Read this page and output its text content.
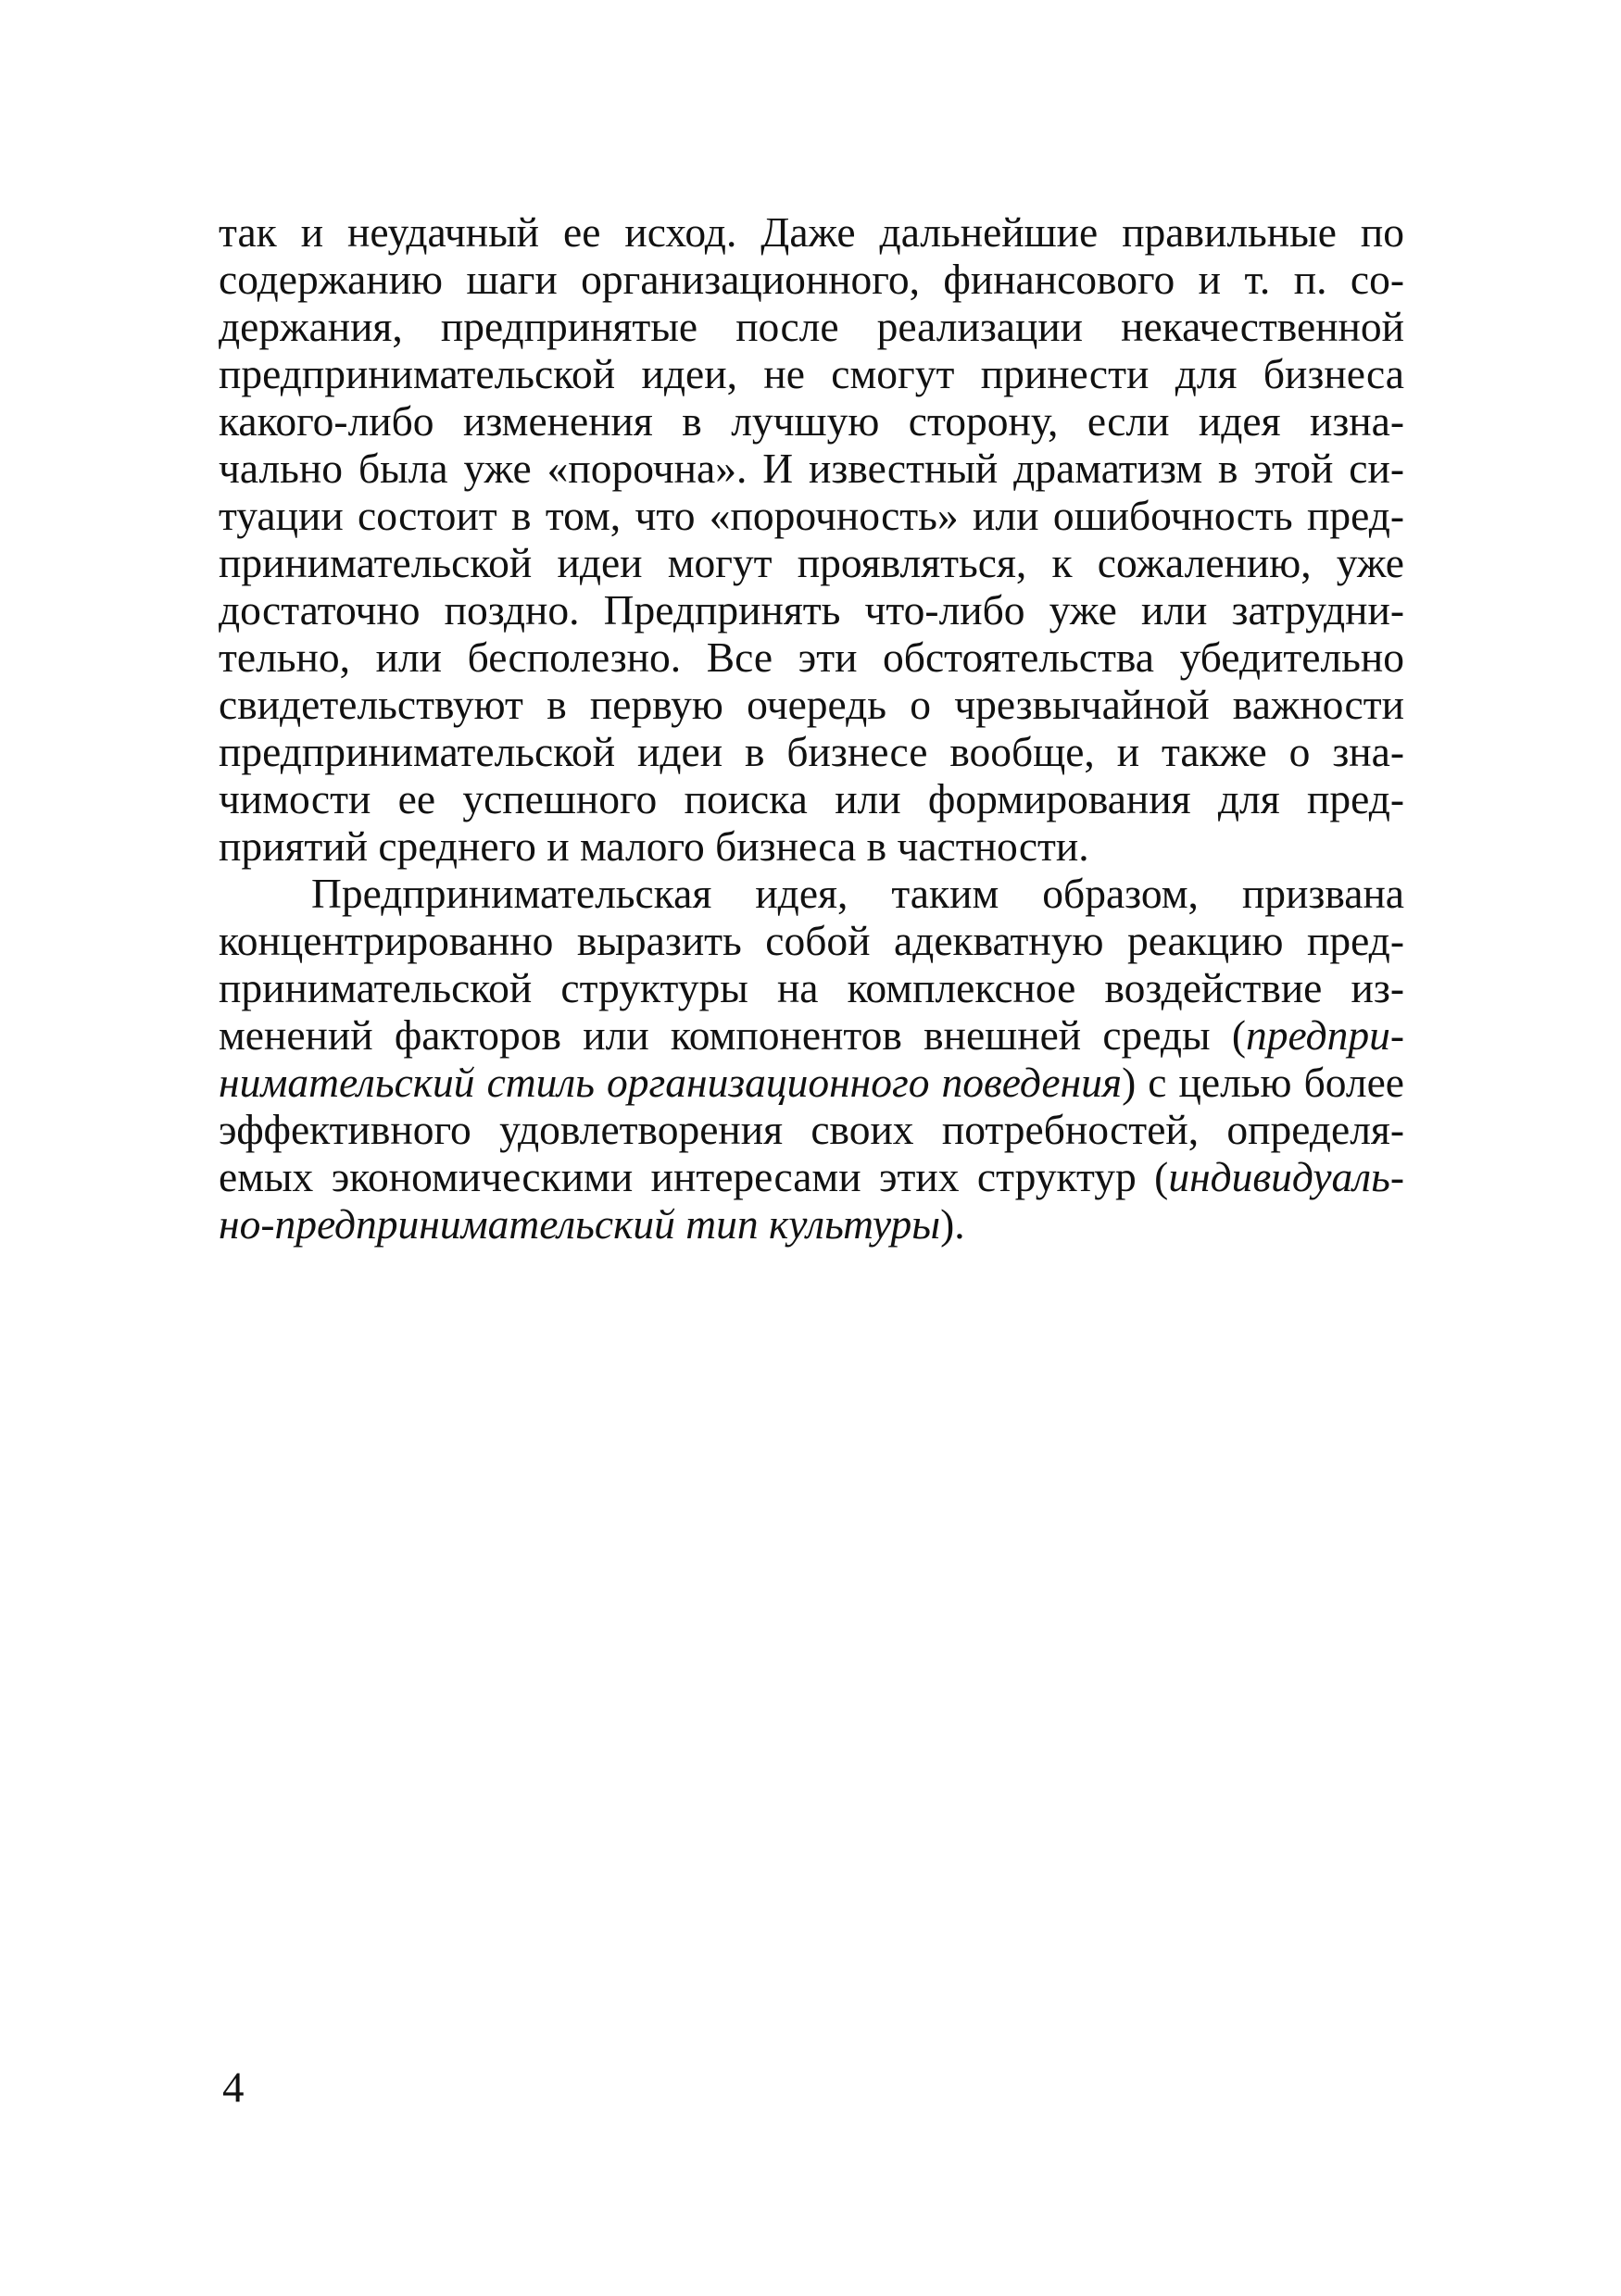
так и неудачный ее исход. Даже дальнейшие правильные по
содержанию шаги организационного, финансового и т. п. со-
держания, предпринятые после реализации некачественной
предпринимательской идеи, не смогут принести для бизнеса
какого-либо изменения в лучшую сторону, если идея изна-
чально была уже «порочна». И известный драматизм в этой си-
туации состоит в том, что «порочность» или ошибочность пред-
принимательской идеи могут проявляться, к сожалению, уже
достаточно поздно. Предпринять что-либо уже или затрудни-
тельно, или бесполезно. Все эти обстоятельства убедительно
свидетельствуют в первую очередь о чрезвычайной важности
предпринимательской идеи в бизнесе вообще, и также о зна-
чимости ее успешного поиска или формирования для пред-
приятий среднего и малого бизнеса в частности.
Предпринимательская идея, таким образом, призвана
концентрированно выразить собой адекватную реакцию пред-
принимательской структуры на комплексное воздействие из-
менений факторов или компонентов внешней среды (предпри-
нимательский стиль организационного поведения) с целью более
эффективного удовлетворения своих потребностей, определя-
емых экономическими интересами этих структур (индивидуаль-
но-предпринимательский тип культуры).
4
